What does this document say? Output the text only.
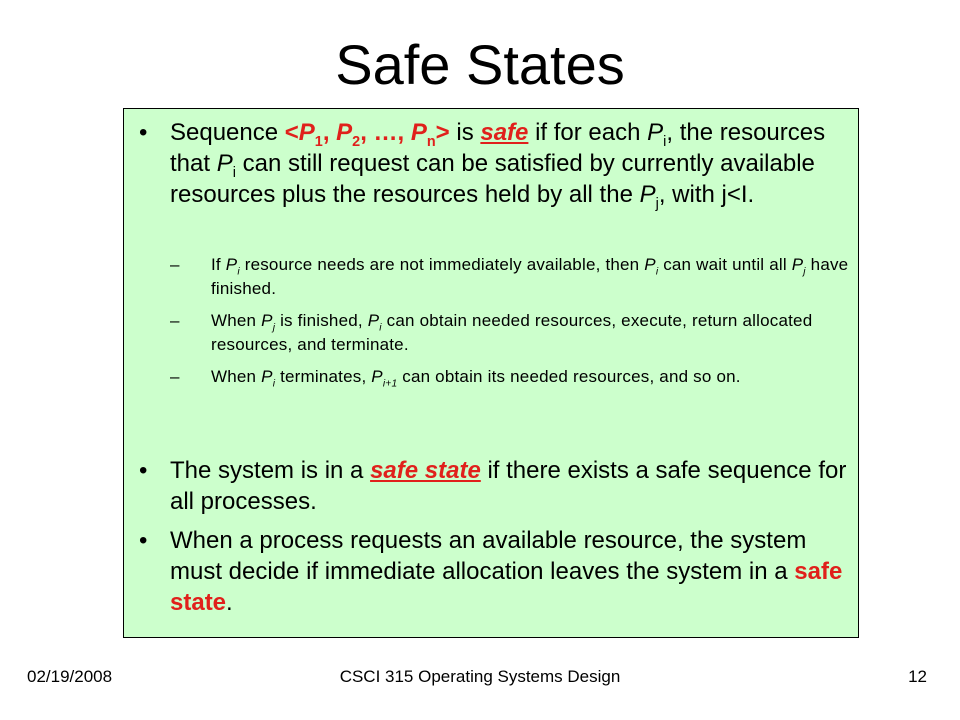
Safe States
• Sequence $<P_1$, $P_2$, …, $P_n>$ is safe if for each $P_i$, the resources that $P_i$ can still request can be satisfied by currently available resources plus the resources held by all the $P_j$, with j<I.
– If $P_i$ resource needs are not immediately available, then $P_i$ can wait until all $P_j$ have finished.
– When $P_j$ is finished, $P_i$ can obtain needed resources, execute, return allocated resources, and terminate.
– When $P_i$ terminates, $P_{i+1}$ can obtain its needed resources, and so on.
• The system is in a safe state if there exists a safe sequence for all processes.
• When a process requests an available resource, the system must decide if immediate allocation leaves the system in a safe state.
02/19/2008	CSCI 315 Operating Systems Design	12
